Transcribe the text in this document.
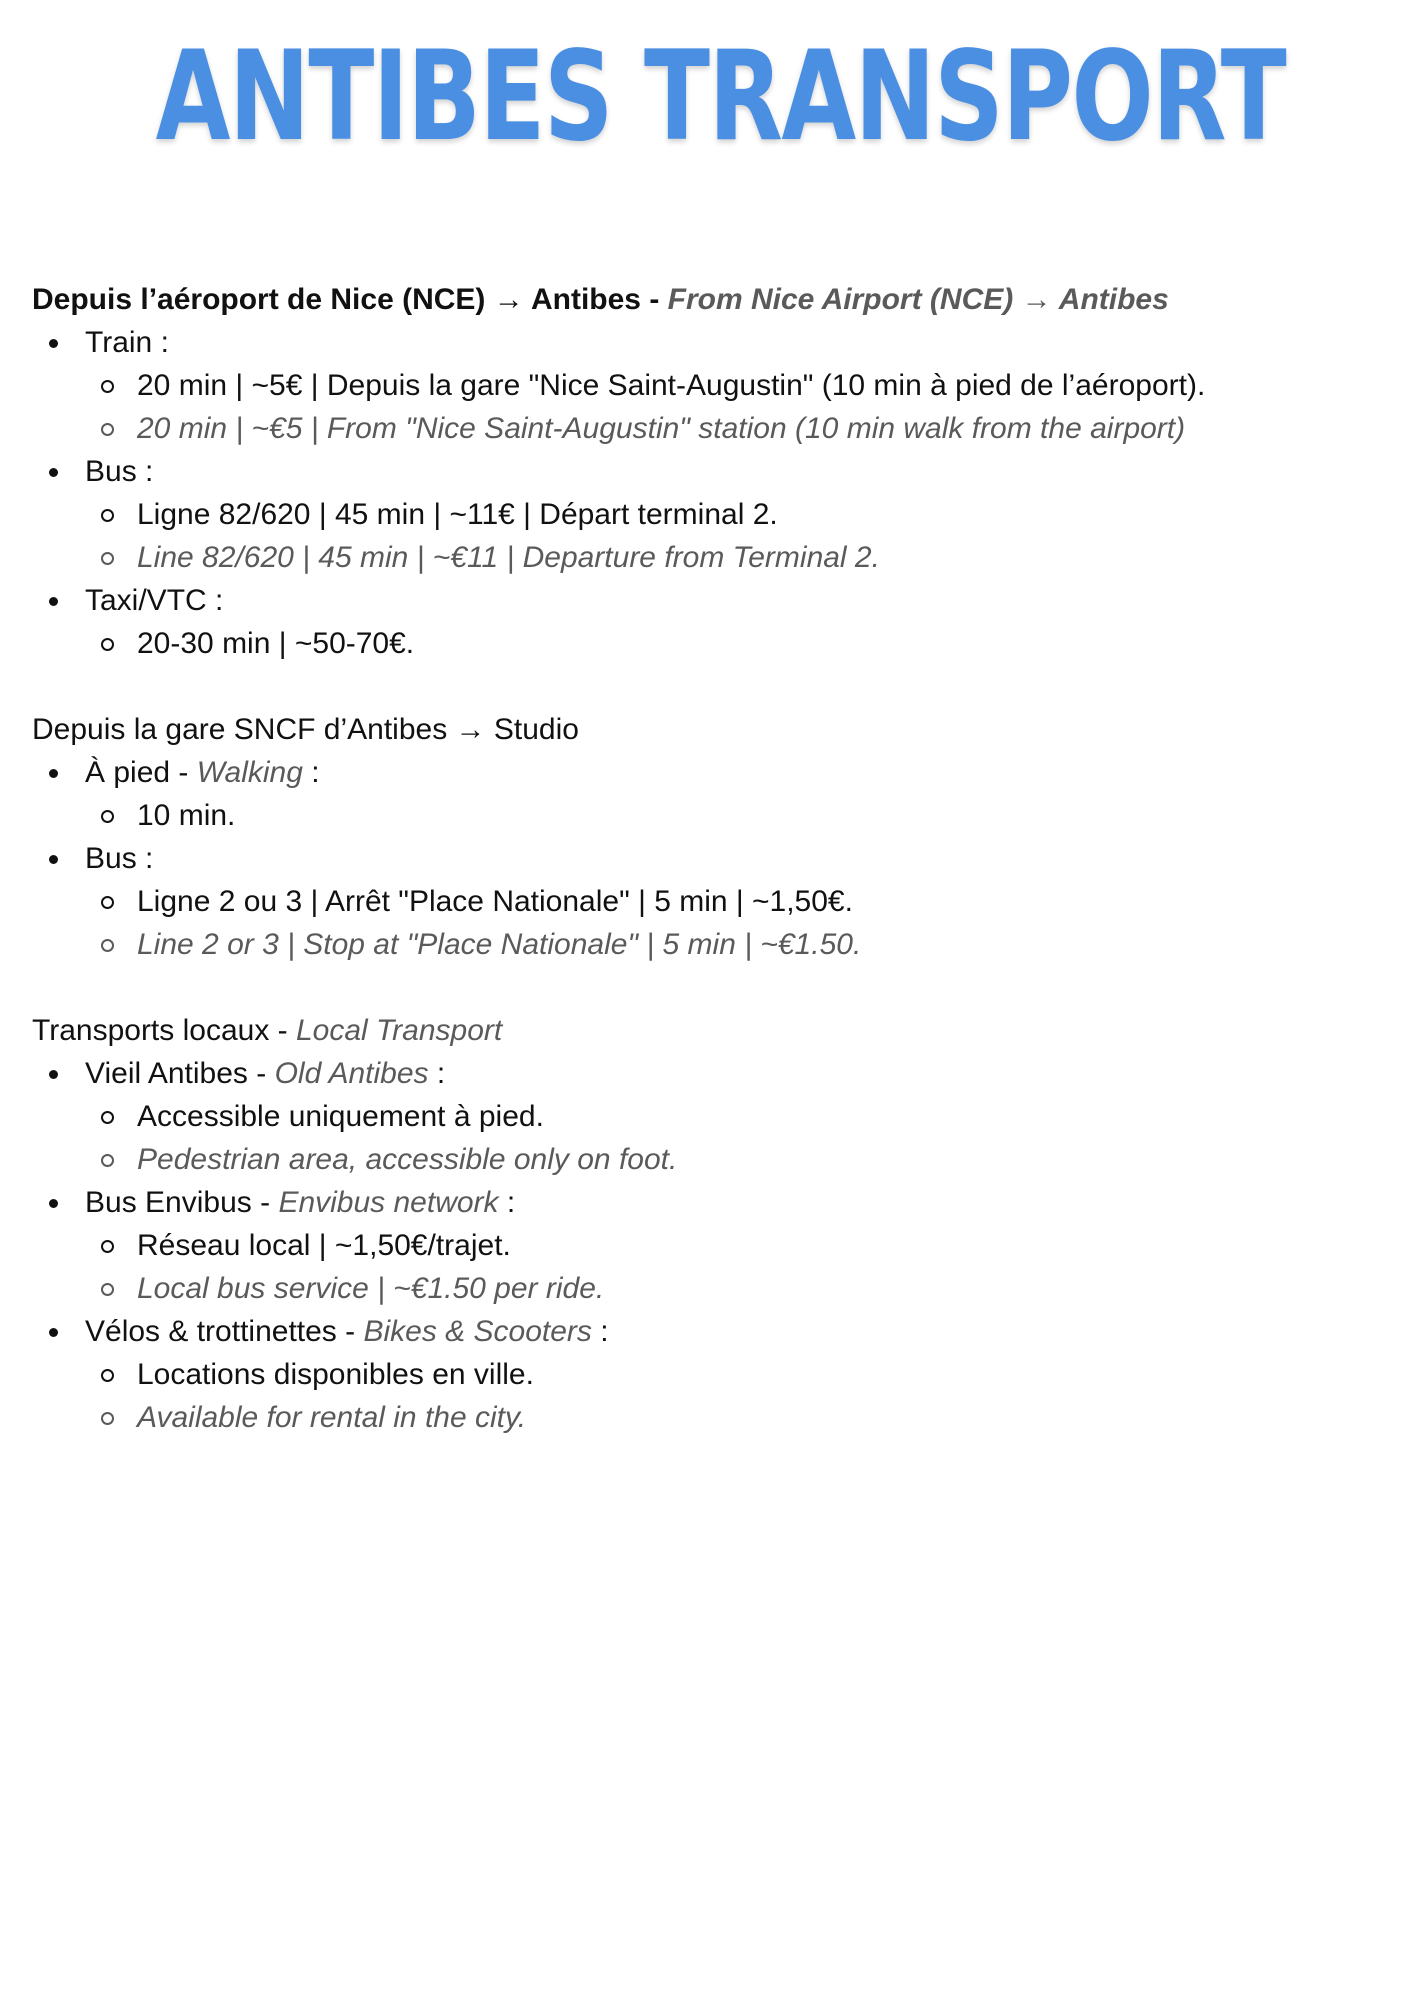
ANTIBES TRANSPORT
Depuis l’aéroport de Nice (NCE) → Antibes - From Nice Airport (NCE) → Antibes
Train :
20 min | ~5€ | Depuis la gare "Nice Saint-Augustin" (10 min à pied de l’aéroport).
20 min | ~€5 | From "Nice Saint-Augustin" station (10 min walk from the airport)
Bus :
Ligne 82/620 | 45 min | ~11€ | Départ terminal 2.
Line 82/620 | 45 min | ~€11 | Departure from Terminal 2.
Taxi/VTC :
20-30 min | ~50-70€.
Depuis la gare SNCF d’Antibes → Studio
À pied - Walking :
10 min.
Bus :
Ligne 2 ou 3 | Arrêt "Place Nationale" | 5 min | ~1,50€.
Line 2 or 3 | Stop at "Place Nationale" | 5 min | ~€1.50.
Transports locaux - Local Transport
Vieil Antibes - Old Antibes :
Accessible uniquement à pied.
Pedestrian area, accessible only on foot.
Bus Envibus - Envibus network :
Réseau local | ~1,50€/trajet.
Local bus service | ~€1.50 per ride.
Vélos & trottinettes - Bikes & Scooters :
Locations disponibles en ville.
Available for rental in the city.
